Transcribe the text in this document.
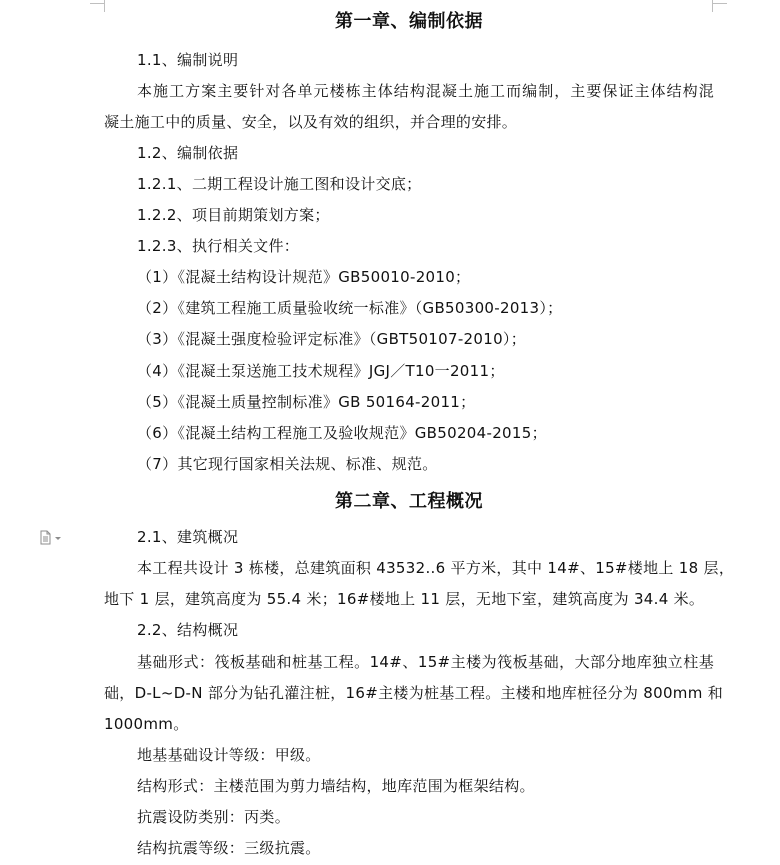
第一章、编制依据
1.1、编制说明
本施工方案主要针对各单元楼栋主体结构混凝土施工而编制，主要保证主体结构混
凝土施工中的质量、安全，以及有效的组织，并合理的安排。
1.2、编制依据
1.2.1、二期工程设计施工图和设计交底；
1.2.2、项目前期策划方案；
1.2.3、执行相关文件：
（1）《混凝土结构设计规范》GB50010-2010；
（2）《建筑工程施工质量验收统一标准》（GB50300-2013）；
（3）《混凝土强度检验评定标准》（GBT50107-2010）；
（4）《混凝土泵送施工技术规程》JGJ／T10一2011；
（5）《混凝土质量控制标准》GB 50164-2011；
（6）《混凝土结构工程施工及验收规范》GB50204-2015；
（7）其它现行国家相关法规、标准、规范。
第二章、工程概况
2.1、建筑概况
本工程共设计 3 栋楼，总建筑面积 43532..6 平方米，其中 14#、15#楼地上 18 层，
地下 1 层，建筑高度为 55.4 米；16#楼地上 11 层，无地下室，建筑高度为 34.4 米。
2.2、结构概况
基础形式：筏板基础和桩基工程。14#、15#主楼为筏板基础，大部分地库独立柱基
础，D-L~D-N 部分为钻孔灌注桩，16#主楼为桩基工程。主楼和地库桩径分为 800mm 和
1000mm。
地基基础设计等级：甲级。
结构形式：主楼范围为剪力墙结构，地库范围为框架结构。
抗震设防类别：丙类。
结构抗震等级：三级抗震。
